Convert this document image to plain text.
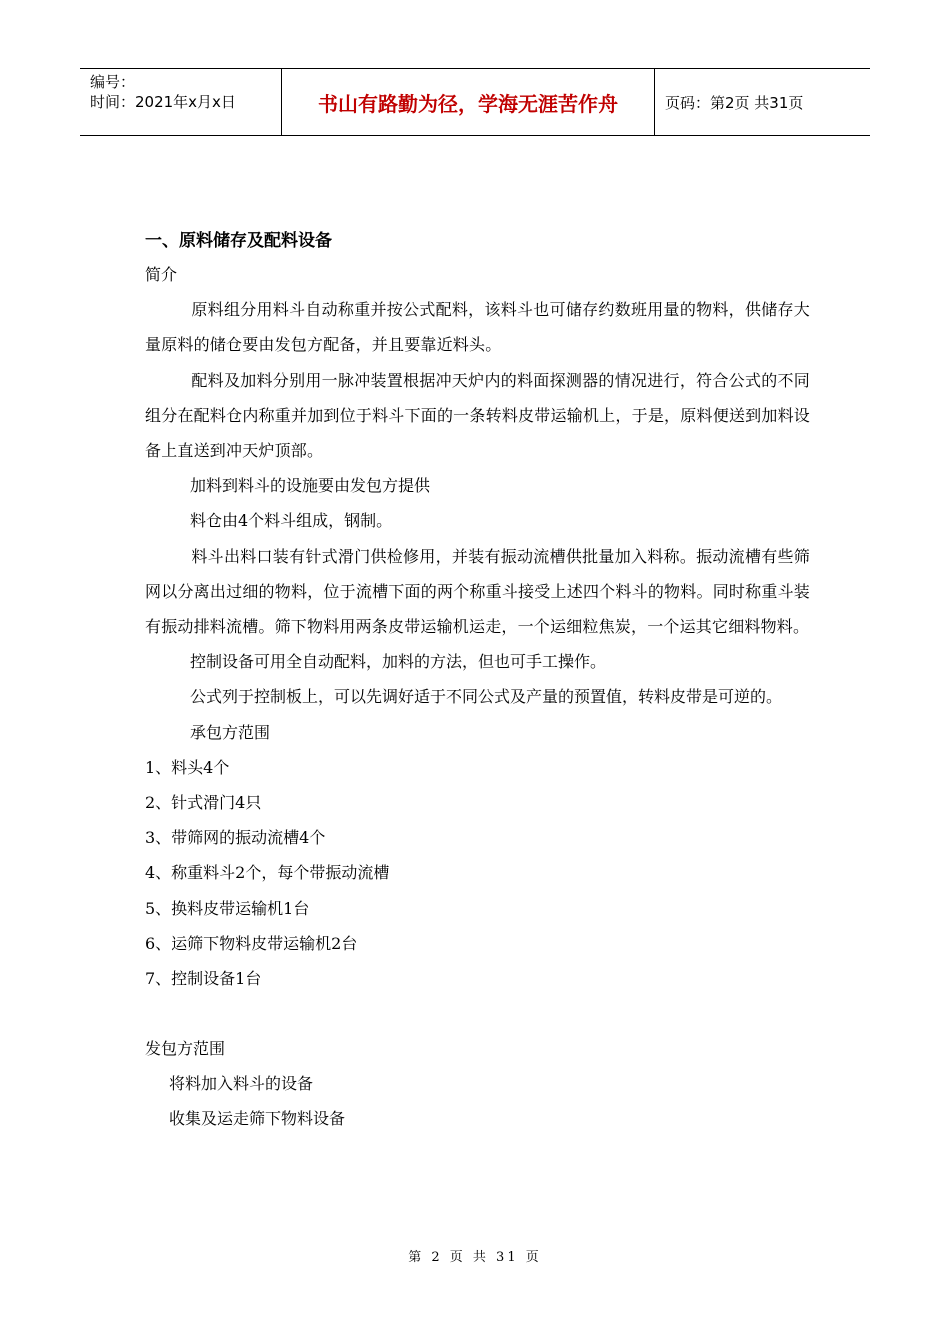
编号：
时间：2021年x月x日	书山有路勤为径，学海无涯苦作舟	页码：第2页 共31页
一、原料储存及配料设备
简介
原料组分用料斗自动称重并按公式配料，该料斗也可储存约数班用量的物料，供储存大量原料的储仓要由发包方配备，并且要靠近料头。
配料及加料分别用一脉冲装置根据冲天炉内的料面探测器的情况进行，符合公式的不同组分在配料仓内称重并加到位于料斗下面的一条转料皮带运输机上，于是，原料便送到加料设备上直送到冲天炉顶部。
加料到料斗的设施要由发包方提供
料仓由4个料斗组成，钢制。
料斗出料口装有针式滑门供检修用，并装有振动流槽供批量加入料称。振动流槽有些筛网以分离出过细的物料，位于流槽下面的两个称重斗接受上述四个料斗的物料。同时称重斗装有振动排料流槽。筛下物料用两条皮带运输机运走，一个运细粒焦炭，一个运其它细料物料。
控制设备可用全自动配料，加料的方法，但也可手工操作。
公式列于控制板上，可以先调好适于不同公式及产量的预置值，转料皮带是可逆的。
承包方范围
1、料头4个
2、针式滑门4只
3、带筛网的振动流槽4个
4、称重料斗2个，每个带振动流槽
5、换料皮带运输机1台
6、运筛下物料皮带运输机2台
7、控制设备1台
发包方范围
将料加入料斗的设备
收集及运走筛下物料设备
第 2 页 共 31 页
